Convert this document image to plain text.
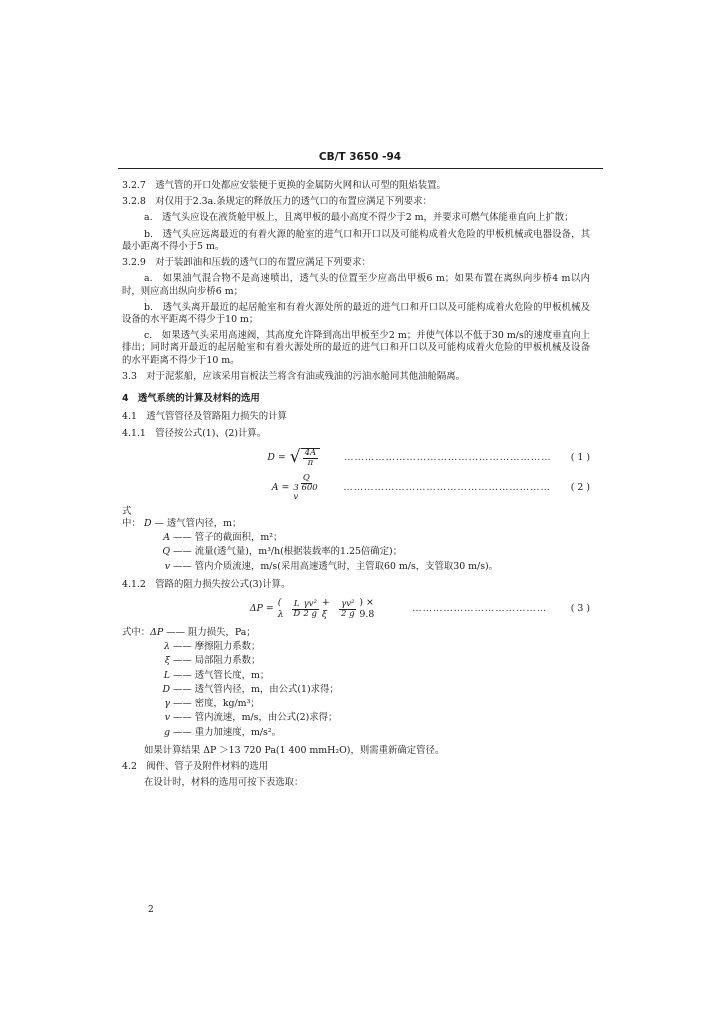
CB/T 3650 -94

3.2.7　透气管的开口处都应安装便于更换的金属防火网和认可型的阻焰装置。

3.2.8　对仅用于2.3a.条规定的释放压力的透气口的布置应满足下列要求：

a.　透气头应设在液货舱甲板上，且离甲板的最小高度不得少于2 m，并要求可燃气体能垂直向上扩散；

b.　透气头应远离最近的有着火源的舱室的进气口和开口以及可能构成着火危险的甲板机械或电器设备，其最小距离不得小于5 m。

3.2.9　对于装卸油和压载的透气口的布置应满足下列要求：

a.　如果油气混合物不是高速喷出，透气头的位置至少应高出甲板6 m；如果布置在离纵向步桥4 m以内时，则应高出纵向步桥6 m；

b.　透气头离开最近的起居舱室和有着火源处所的最近的进气口和开口以及可能构成着火危险的甲板机械及设备的水平距离不得少于10 m；

c.　如果透气头采用高速阀，其高度允许降到高出甲板至少2 m；并使气体以不低于30 m/s的速度垂直向上排出；同时离开最近的起居舱室和有着火源处所的最近的进气口和开口以及可能构成着火危险的甲板机械及设备的水平距离不得少于10 m。

3.3　对于泥浆船，应该采用盲板法兰将含有油或残油的污油水舱同其他油舱隔离。

4　透气系统的计算及材料的选用

4.1　透气管管径及管路阻力损失的计算

4.1.1　管径按公式(1)、(2)计算。

D = √ $\frac{4A}{\pi}$	……………………………………………………	( 1 )
$A = \frac{Q}{3 600 v}$	……………………………………………………	( 2 )
式中： D — 透气管内径，m；
A —— 管子的截面积，m²；
Q —— 流量(透气量)，m³/h(根据装载率的1.25倍确定)；
v —— 管内介质流速，m/s(采用高速透气时，主管取60 m/s，支管取30 m/s)。

4.1.2　管路的阻力损失按公式(3)计算。

ΔP =
( λ
$\frac{L}{D} \frac{\text{γv²}}{2 g}$
+ ξ
	$\frac{\text{γv²}}{2 g}$
) × 9.8
…………………………………	( 3 )
式中：ΔP —— 阻力损失，Pa；
λ —— 摩擦阻力系数；
ξ —— 局部阻力系数；
L —— 透气管长度，m；
D —— 透气管内径，m，由公式(1)求得；
γ —— 密度，kg/m³；
v —— 管内流速，m/s，由公式(2)求得；
g —— 重力加速度，m/s²。

如果计算结果 ΔP ＞13 720 Pa(1 400 mmH₂O)，则需重新确定管径。

4.2　阀件、管子及附件材料的选用

在设计时，材料的选用可按下表选取：

2
